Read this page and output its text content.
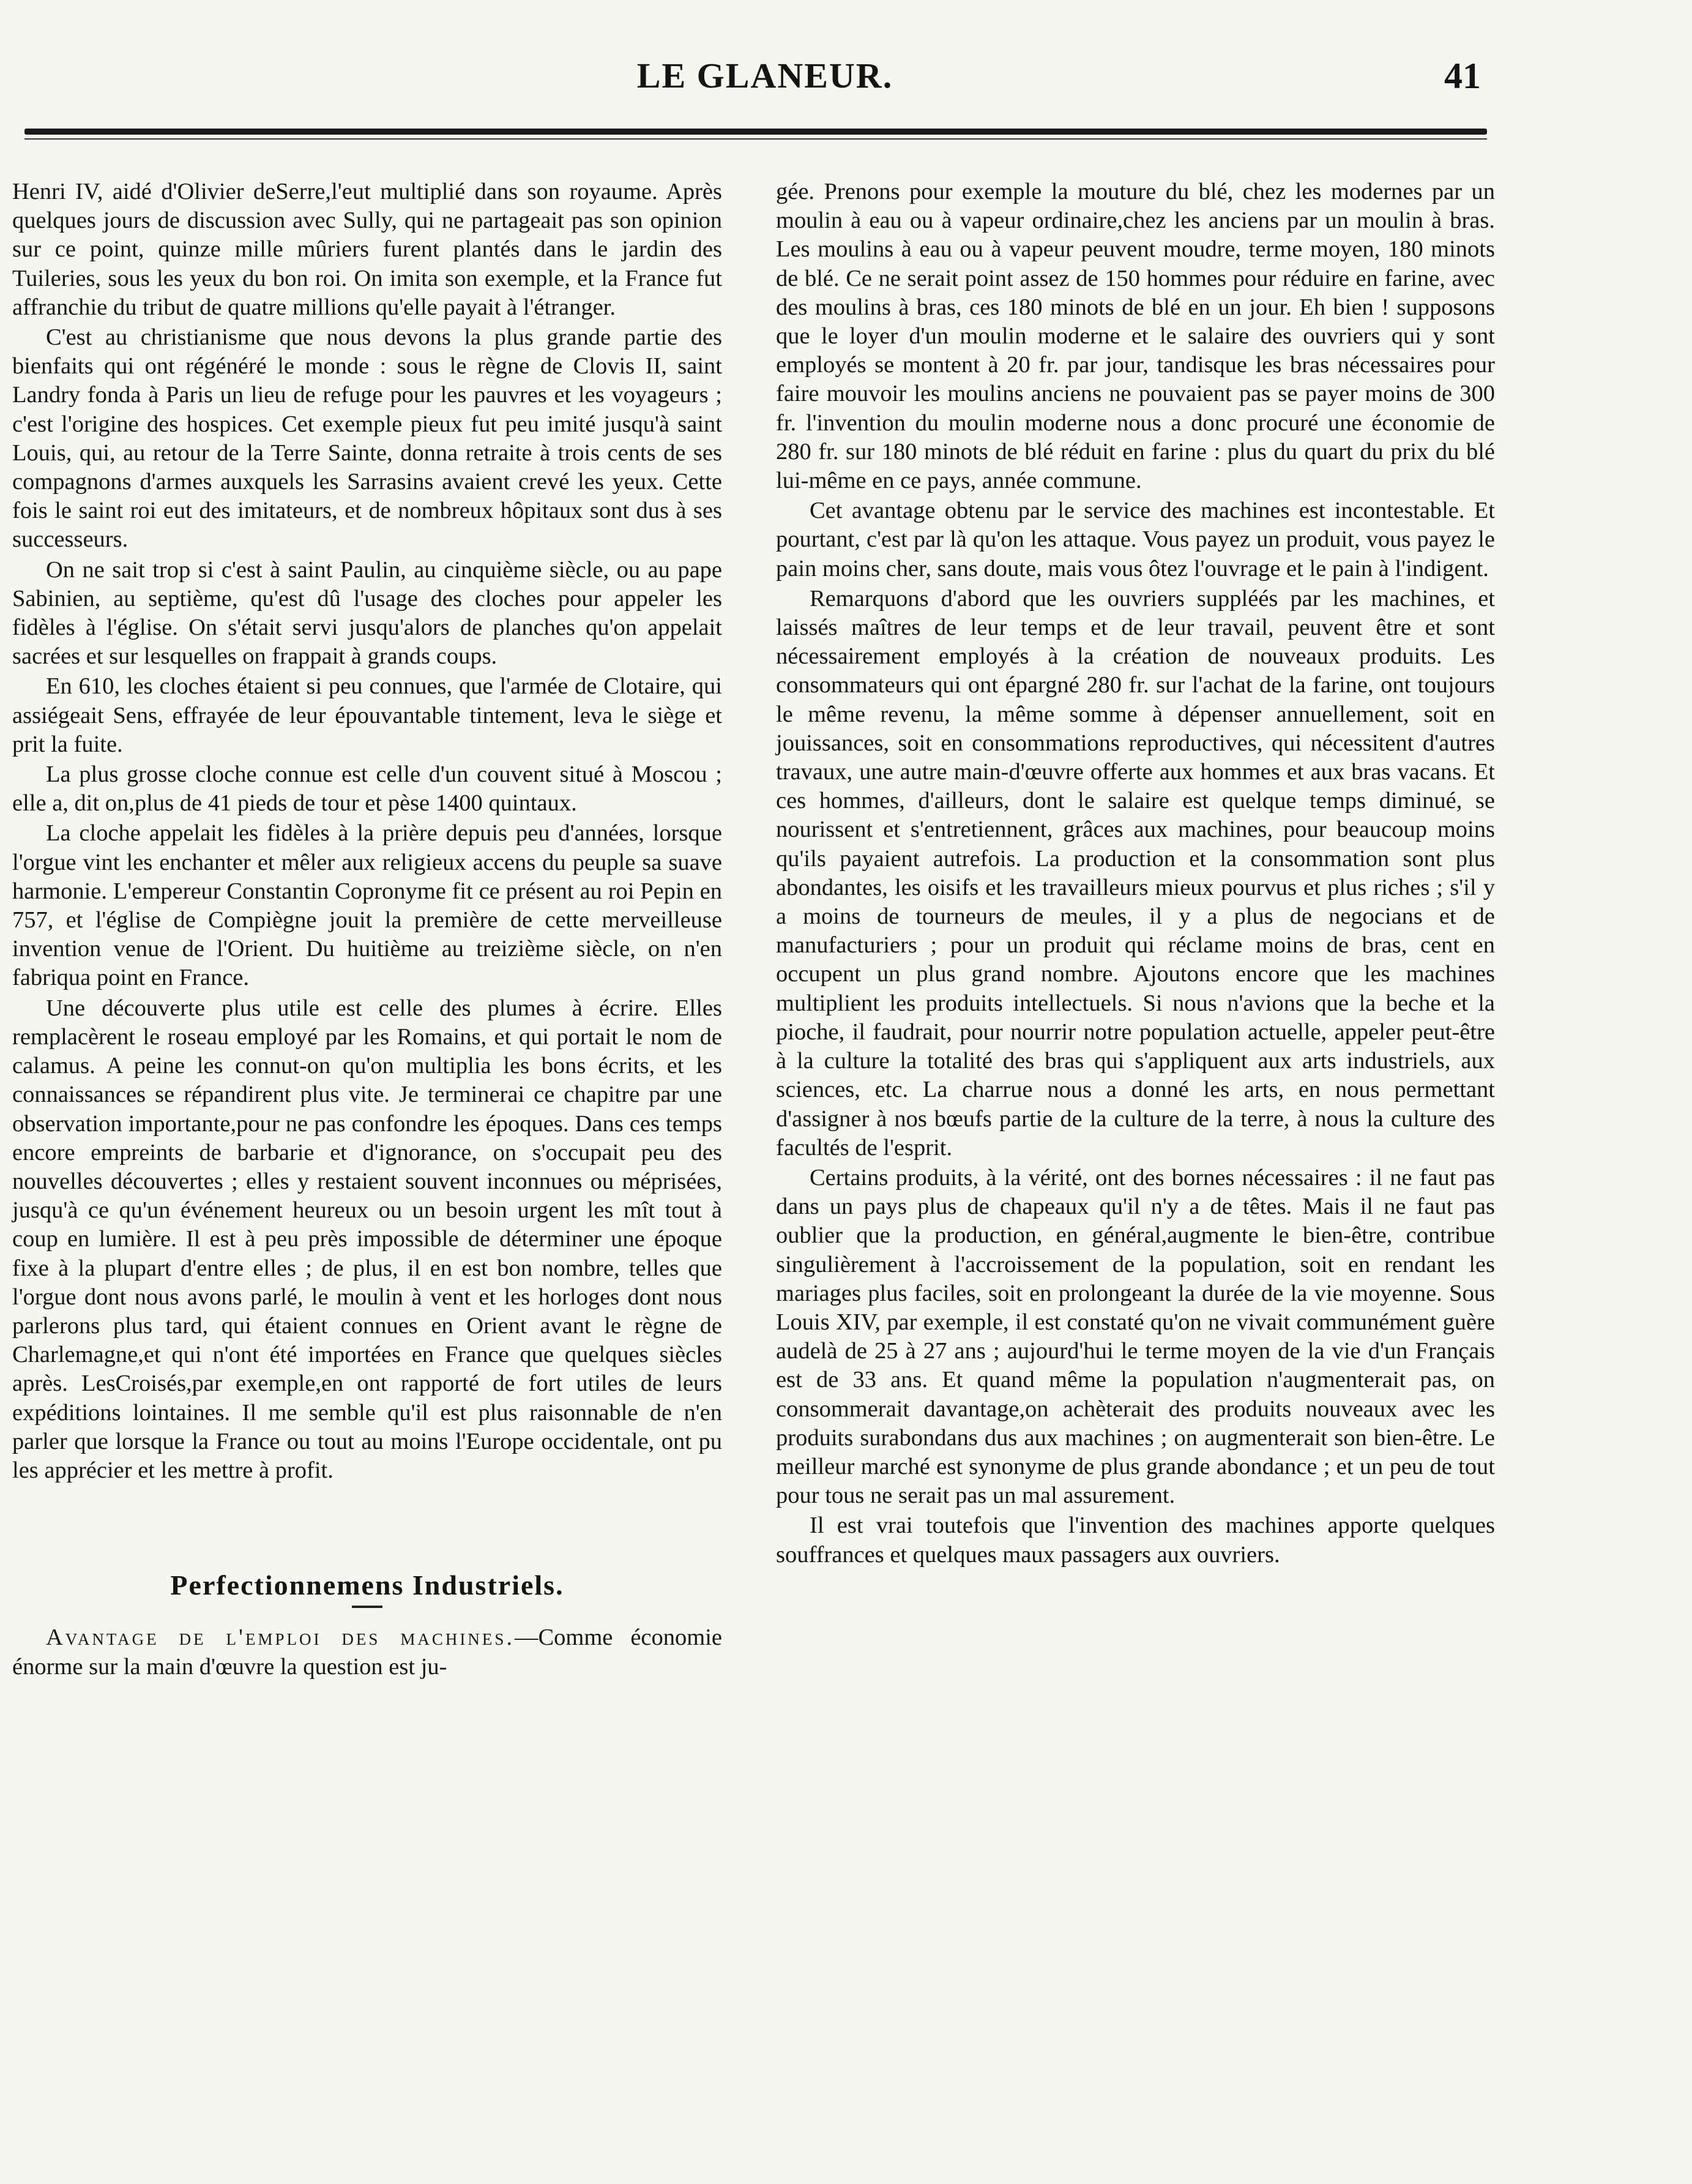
LE GLANEUR.	41

Henri IV, aidé d'Olivier deSerre,l'eut multiplié dans son royaume. Après quelques jours de discussion avec Sully, qui ne partageait pas son opinion sur ce point, quinze mille mûriers furent plantés dans le jardin des Tuileries, sous les yeux du bon roi. On imita son exemple, et la France fut affranchie du tribut de quatre millions qu'elle payait à l'étranger.

C'est au christianisme que nous devons la plus grande partie des bienfaits qui ont régénéré le monde : sous le règne de Clovis II, saint Landry fonda à Paris un lieu de refuge pour les pauvres et les voyageurs ; c'est l'origine des hospices. Cet exemple pieux fut peu imité jusqu'à saint Louis, qui, au retour de la Terre Sainte, donna retraite à trois cents de ses compagnons d'armes auxquels les Sarrasins avaient crevé les yeux. Cette fois le saint roi eut des imitateurs, et de nombreux hôpitaux sont dus à ses successeurs.

On ne sait trop si c'est à saint Paulin, au cinquième siècle, ou au pape Sabinien, au septième, qu'est dû l'usage des cloches pour appeler les fidèles à l'église. On s'était servi jusqu'alors de planches qu'on appelait sacrées et sur lesquelles on frappait à grands coups.

En 610, les cloches étaient si peu connues, que l'armée de Clotaire, qui assiégeait Sens, effrayée de leur épouvantable tintement, leva le siège et prit la fuite.

La plus grosse cloche connue est celle d'un couvent situé à Moscou ; elle a, dit on,plus de 41 pieds de tour et pèse 1400 quintaux.

La cloche appelait les fidèles à la prière depuis peu d'années, lorsque l'orgue vint les enchanter et mêler aux religieux accens du peuple sa suave harmonie. L'empereur Constantin Copronyme fit ce présent au roi Pepin en 757, et l'église de Compiègne jouit la première de cette merveilleuse invention venue de l'Orient. Du huitième au treizième siècle, on n'en fabriqua point en France.

Une découverte plus utile est celle des plumes à écrire. Elles remplacèrent le roseau employé par les Romains, et qui portait le nom de calamus. A peine les connut-on qu'on multiplia les bons écrits, et les connaissances se répandirent plus vite. Je terminerai ce chapitre par une observation importante,pour ne pas confondre les époques. Dans ces temps encore empreints de barbarie et d'ignorance, on s'occupait peu des nouvelles découvertes ; elles y restaient souvent inconnues ou méprisées, jusqu'à ce qu'un événement heureux ou un besoin urgent les mît tout à coup en lumière. Il est à peu près impossible de déterminer une époque fixe à la plupart d'entre elles ; de plus, il en est bon nombre, telles que l'orgue dont nous avons parlé, le moulin à vent et les horloges dont nous parlerons plus tard, qui étaient connues en Orient avant le règne de Charlemagne,et qui n'ont été importées en France que quelques siècles après. LesCroisés,par exemple,en ont rapporté de fort utiles de leurs expéditions lointaines. Il me semble qu'il est plus raisonnable de n'en parler que lorsque la France ou tout au moins l'Europe occidentale, ont pu les apprécier et les mettre à profit.

Perfectionnemens Industriels.

Avantage de l'emploi des machines.—Comme économie énorme sur la main d'œuvre la question est ju-

gée. Prenons pour exemple la mouture du blé, chez les modernes par un moulin à eau ou à vapeur ordinaire,chez les anciens par un moulin à bras. Les moulins à eau ou à vapeur peuvent moudre, terme moyen, 180 minots de blé. Ce ne serait point assez de 150 hommes pour réduire en farine, avec des moulins à bras, ces 180 minots de blé en un jour. Eh bien ! supposons que le loyer d'un moulin moderne et le salaire des ouvriers qui y sont employés se montent à 20 fr. par jour, tandisque les bras nécessaires pour faire mouvoir les moulins anciens ne pouvaient pas se payer moins de 300 fr. l'invention du moulin moderne nous a donc procuré une économie de 280 fr. sur 180 minots de blé réduit en farine : plus du quart du prix du blé lui-même en ce pays, année commune.

Cet avantage obtenu par le service des machines est incontestable. Et pourtant, c'est par là qu'on les attaque. Vous payez un produit, vous payez le pain moins cher, sans doute, mais vous ôtez l'ouvrage et le pain à l'indigent.

Remarquons d'abord que les ouvriers suppléés par les machines, et laissés maîtres de leur temps et de leur travail, peuvent être et sont nécessairement employés à la création de nouveaux produits. Les consommateurs qui ont épargné 280 fr. sur l'achat de la farine, ont toujours le même revenu, la même somme à dépenser annuellement, soit en jouissances, soit en consommations reproductives, qui nécessitent d'autres travaux, une autre main-d'œuvre offerte aux hommes et aux bras vacans. Et ces hommes, d'ailleurs, dont le salaire est quelque temps diminué, se nourissent et s'entretiennent, grâces aux machines, pour beaucoup moins qu'ils payaient autrefois. La production et la consommation sont plus abondantes, les oisifs et les travailleurs mieux pourvus et plus riches ; s'il y a moins de tourneurs de meules, il y a plus de negocians et de manufacturiers ; pour un produit qui réclame moins de bras, cent en occupent un plus grand nombre. Ajoutons encore que les machines multiplient les produits intellectuels. Si nous n'avions que la beche et la pioche, il faudrait, pour nourrir notre population actuelle, appeler peut-être à la culture la totalité des bras qui s'appliquent aux arts industriels, aux sciences, etc. La charrue nous a donné les arts, en nous permettant d'assigner à nos bœufs partie de la culture de la terre, à nous la culture des facultés de l'esprit.

Certains produits, à la vérité, ont des bornes nécessaires : il ne faut pas dans un pays plus de chapeaux qu'il n'y a de têtes. Mais il ne faut pas oublier que la production, en général,augmente le bien-être, contribue singulièrement à l'accroissement de la population, soit en rendant les mariages plus faciles, soit en prolongeant la durée de la vie moyenne. Sous Louis XIV, par exemple, il est constaté qu'on ne vivait communément guère audelà de 25 à 27 ans ; aujourd'hui le terme moyen de la vie d'un Français est de 33 ans. Et quand même la population n'augmenterait pas, on consommerait davantage,on achèterait des produits nouveaux avec les produits surabondans dus aux machines ; on augmenterait son bien-être. Le meilleur marché est synonyme de plus grande abondance ; et un peu de tout pour tous ne serait pas un mal assurement.

Il est vrai toutefois que l'invention des machines apporte quelques souffrances et quelques maux passagers aux ouvriers.
